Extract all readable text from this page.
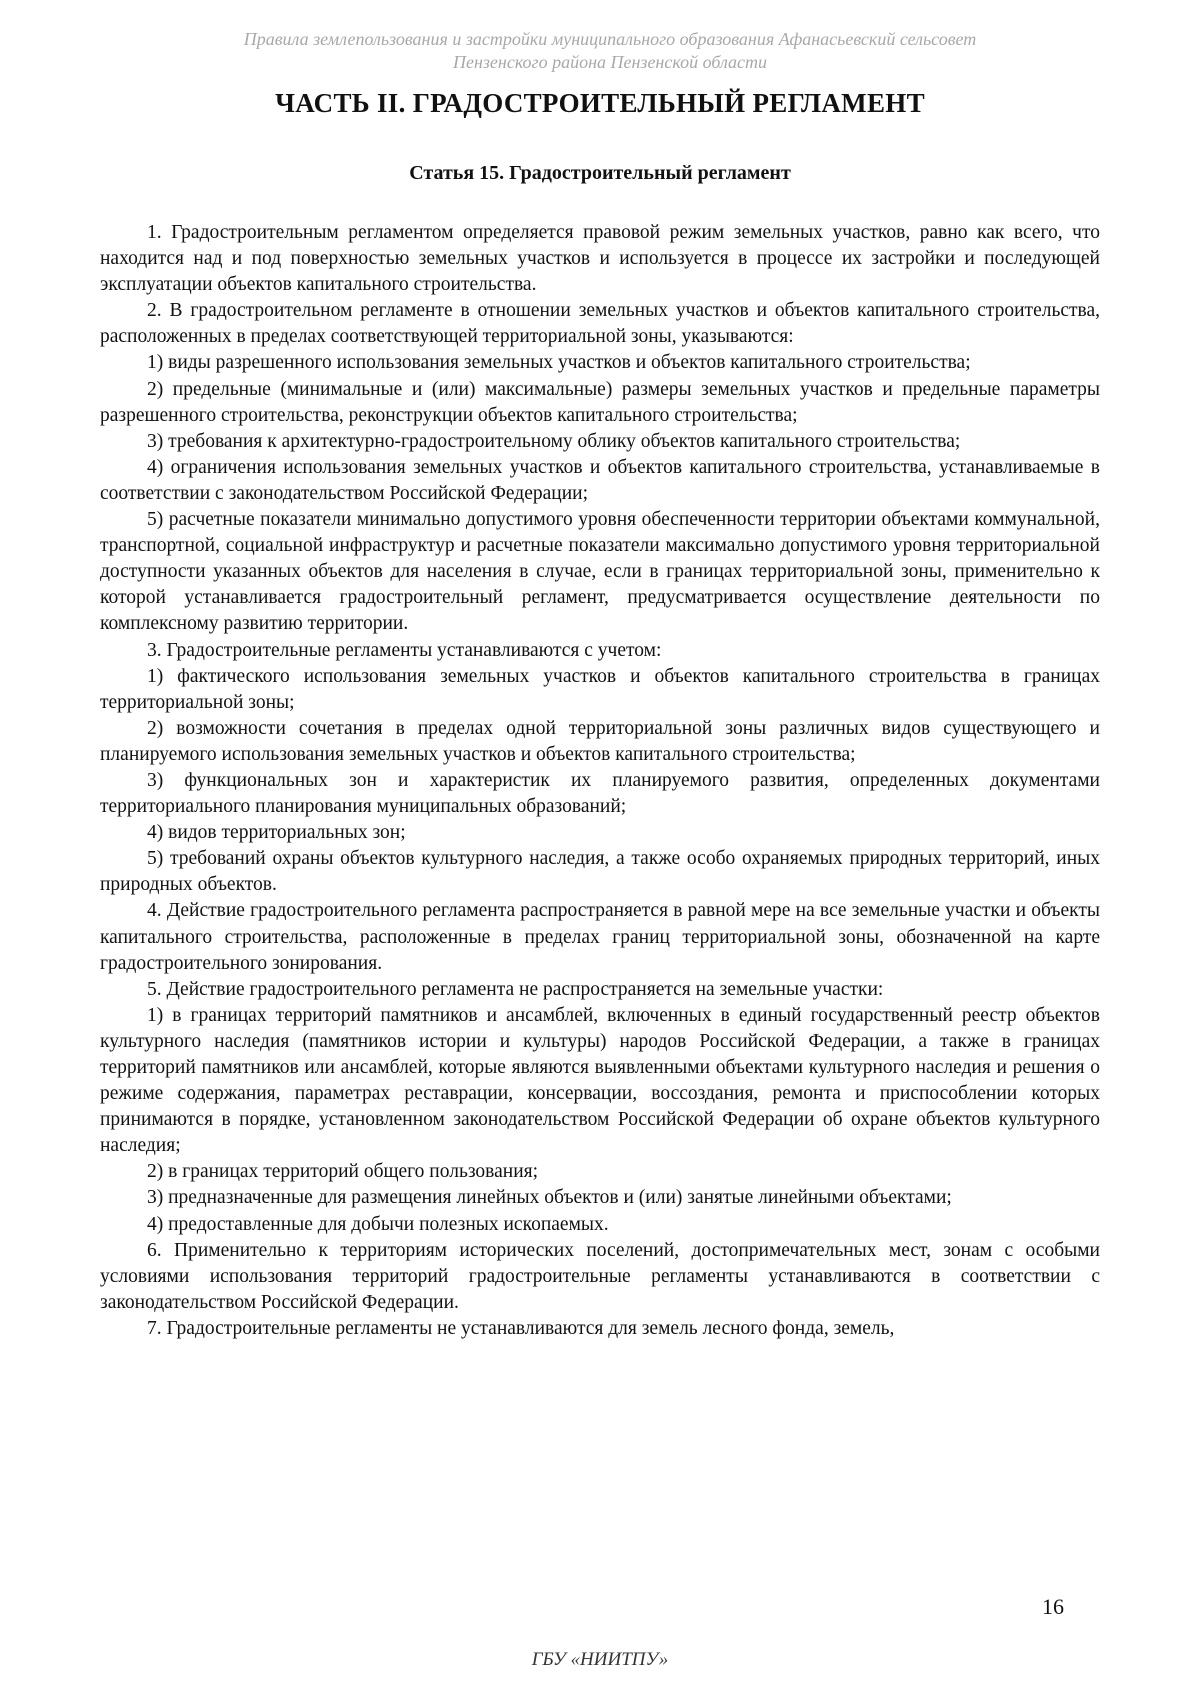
Правила землепользования и застройки муниципального образования Афанасьевский сельсовет
Пензенского района Пензенской области
ЧАСТЬ II. ГРАДОСТРОИТЕЛЬНЫЙ РЕГЛАМЕНТ
Статья 15. Градостроительный регламент

1. Градостроительным регламентом определяется правовой режим земельных участков, равно как всего, что находится над и под поверхностью земельных участков и используется в процессе их застройки и последующей эксплуатации объектов капитального строительства.

2. В градостроительном регламенте в отношении земельных участков и объектов капитального строительства, расположенных в пределах соответствующей территориальной зоны, указываются:

1) виды разрешенного использования земельных участков и объектов капитального строительства;

2) предельные (минимальные и (или) максимальные) размеры земельных участков и предельные параметры разрешенного строительства, реконструкции объектов капитального строительства;

3) требования к архитектурно-градостроительному облику объектов капитального строительства;

4) ограничения использования земельных участков и объектов капитального строительства, устанавливаемые в соответствии с законодательством Российской Федерации;

5) расчетные показатели минимально допустимого уровня обеспеченности территории объектами коммунальной, транспортной, социальной инфраструктур и расчетные показатели максимально допустимого уровня территориальной доступности указанных объектов для населения в случае, если в границах территориальной зоны, применительно к которой устанавливается градостроительный регламент, предусматривается осуществление деятельности по комплексному развитию территории.

3. Градостроительные регламенты устанавливаются с учетом:

1) фактического использования земельных участков и объектов капитального строительства в границах территориальной зоны;

2) возможности сочетания в пределах одной территориальной зоны различных видов существующего и планируемого использования земельных участков и объектов капитального строительства;

3) функциональных зон и характеристик их планируемого развития, определенных документами территориального планирования муниципальных образований;

4) видов территориальных зон;

5) требований охраны объектов культурного наследия, а также особо охраняемых природных территорий, иных природных объектов.

4. Действие градостроительного регламента распространяется в равной мере на все земельные участки и объекты капитального строительства, расположенные в пределах границ территориальной зоны, обозначенной на карте градостроительного зонирования.

5. Действие градостроительного регламента не распространяется на земельные участки:

1) в границах территорий памятников и ансамблей, включенных в единый государственный реестр объектов культурного наследия (памятников истории и культуры) народов Российской Федерации, а также в границах территорий памятников или ансамблей, которые являются выявленными объектами культурного наследия и решения о режиме содержания, параметрах реставрации, консервации, воссоздания, ремонта и приспособлении которых принимаются в порядке, установленном законодательством Российской Федерации об охране объектов культурного наследия;

2) в границах территорий общего пользования;

3) предназначенные для размещения линейных объектов и (или) занятые линейными объектами;

4) предоставленные для добычи полезных ископаемых.

6. Применительно к территориям исторических поселений, достопримечательных мест, зонам с особыми условиями использования территорий градостроительные регламенты устанавливаются в соответствии с законодательством Российской Федерации.

7. Градостроительные регламенты не устанавливаются для земель лесного фонда, земель,

16
ГБУ «НИИТПУ»
